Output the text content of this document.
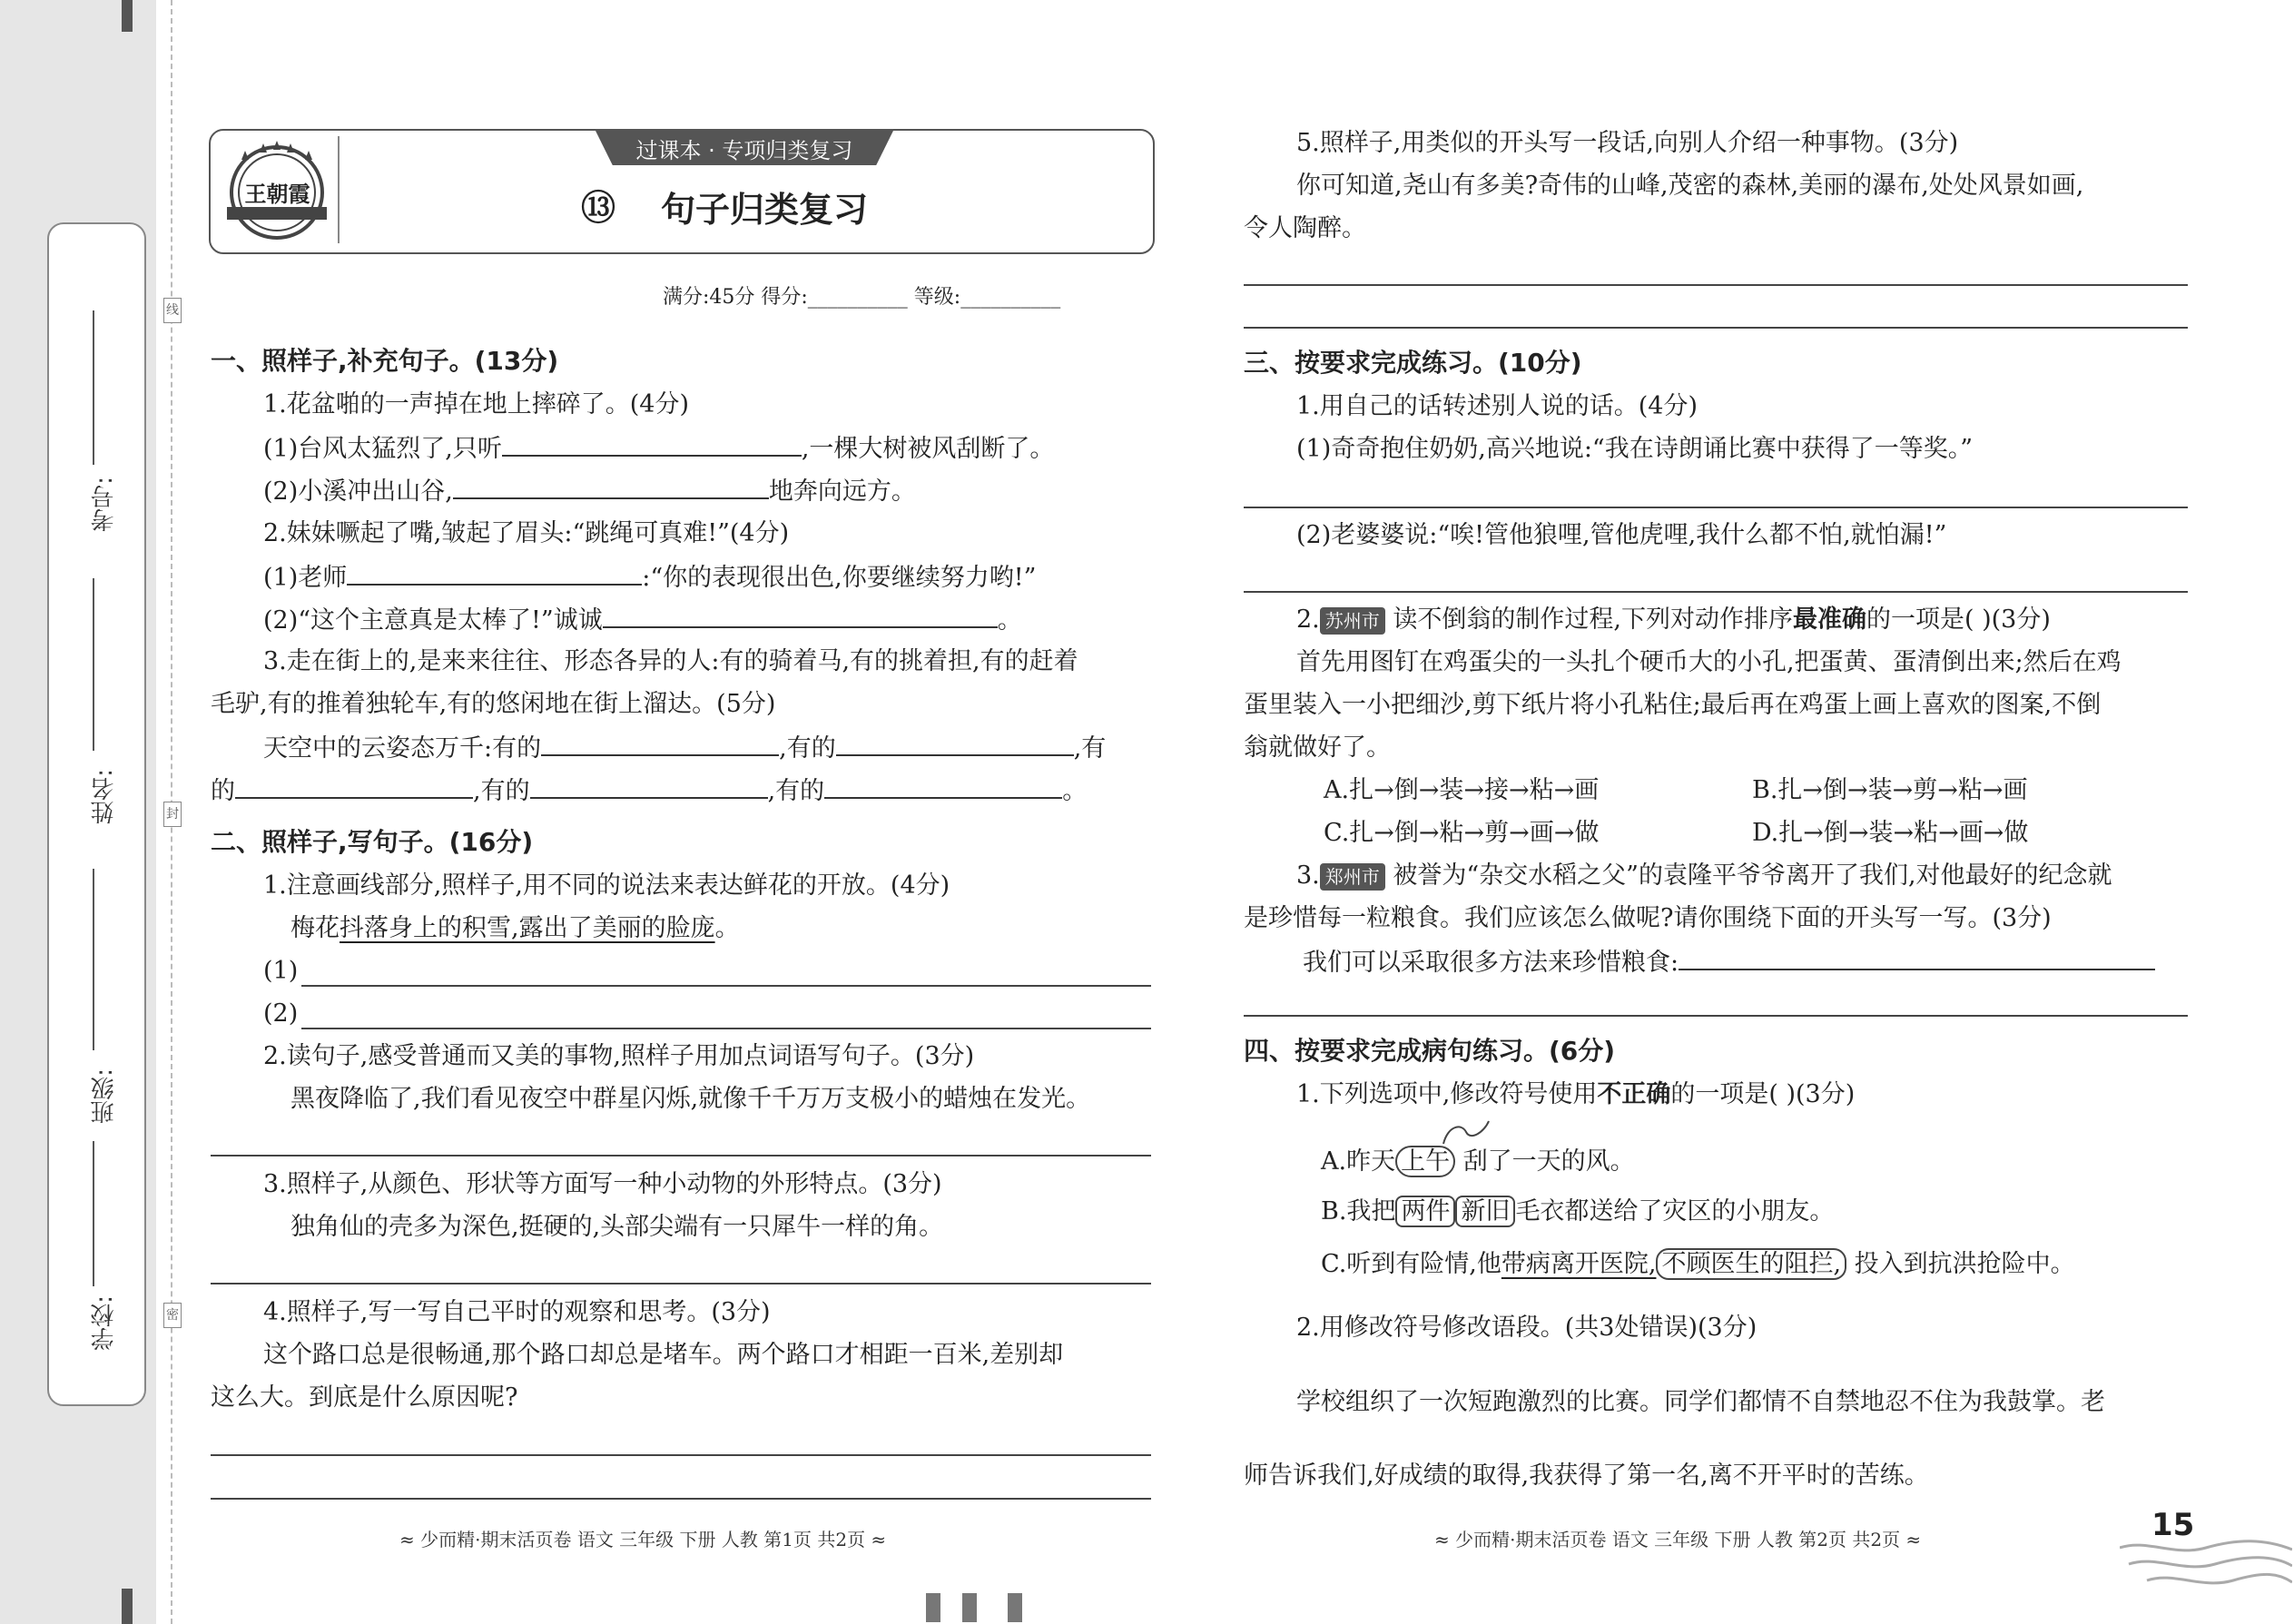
考号:
姓名:
班级:
学校:
线
封
密
王朝霞
过课本 · 专项归类复习
⑬ 句子归类复习
满分:45分 得分:__________ 等级:__________
一、照样子,补充句子。(13分)
1.花盆啪的一声掉在地上摔碎了。(4分)
(1)台风太猛烈了,只听	,一棵大树被风刮断了。
(2)小溪冲出山谷,	地奔向远方。
2.妹妹噘起了嘴,皱起了眉头:“跳绳可真难!”(4分)
(1)老师	:“你的表现很出色,你要继续努力哟!”
(2)“这个主意真是太棒了!”诚诚	。
3.走在街上的,是来来往往、形态各异的人:有的骑着马,有的挑着担,有的赶着
毛驴,有的推着独轮车,有的悠闲地在街上溜达。(5分)
天空中的云姿态万千:有的	,有的	,有
的	,有的	,有的	。
二、照样子,写句子。(16分)
1.注意画线部分,照样子,用不同的说法来表达鲜花的开放。(4分)
梅花抖落身上的积雪,露出了美丽的脸庞。
(1)
(2)
2.读句子,感受普通而又美的事物,照样子用加点词语写句子。(3分)
黑夜降临了,我们看见夜空中群星闪烁,就像千千万万支极小的蜡烛在发光。
3.照样子,从颜色、形状等方面写一种小动物的外形特点。(3分)
独角仙的壳多为深色,挺硬的,头部尖端有一只犀牛一样的角。
4.照样子,写一写自己平时的观察和思考。(3分)
这个路口总是很畅通,那个路口却总是堵车。两个路口才相距一百米,差别却
这么大。到底是什么原因呢?
≈ 少而精·期末活页卷 语文 三年级 下册 人教 第1页 共2页 ≈
5.照样子,用类似的开头写一段话,向别人介绍一种事物。(3分)
你可知道,尧山有多美?奇伟的山峰,茂密的森林,美丽的瀑布,处处风景如画,
令人陶醉。
三、按要求完成练习。(10分)
1.用自己的话转述别人说的话。(4分)
(1)奇奇抱住奶奶,高兴地说:“我在诗朗诵比赛中获得了一等奖。”
(2)老婆婆说:“唉!管他狼哩,管他虎哩,我什么都不怕,就怕漏!”
2. 苏州市 读不倒翁的制作过程,下列对动作排序最准确的一项是( )(3分)
首先用图钉在鸡蛋尖的一头扎个硬币大的小孔,把蛋黄、蛋清倒出来;然后在鸡
蛋里装入一小把细沙,剪下纸片将小孔粘住;最后再在鸡蛋上画上喜欢的图案,不倒
翁就做好了。
A.扎→倒→装→接→粘→画	B.扎→倒→装→剪→粘→画
C.扎→倒→粘→剪→画→做	D.扎→倒→装→粘→画→做
3. 郑州市 被誉为“杂交水稻之父”的袁隆平爷爷离开了我们,对他最好的纪念就
是珍惜每一粒粮食。我们应该怎么做呢?请你围绕下面的开头写一写。(3分)
我们可以采取很多方法来珍惜粮食:
四、按要求完成病句练习。(6分)
1.下列选项中,修改符号使用不正确的一项是( )(3分)
A.昨天 上午 刮了一天的风。
B.我把 两件 新旧 毛衣都送给了灾区的小朋友。
C.听到有险情,他带病离开医院, 不顾医生的阻拦, 投入到抗洪抢险中。
2.用修改符号修改语段。(共3处错误)(3分)
学校组织了一次短跑激烈的比赛。同学们都情不自禁地忍不住为我鼓掌。老
师告诉我们,好成绩的取得,我获得了第一名,离不开平时的苦练。
≈ 少而精·期末活页卷 语文 三年级 下册 人教 第2页 共2页 ≈	15
